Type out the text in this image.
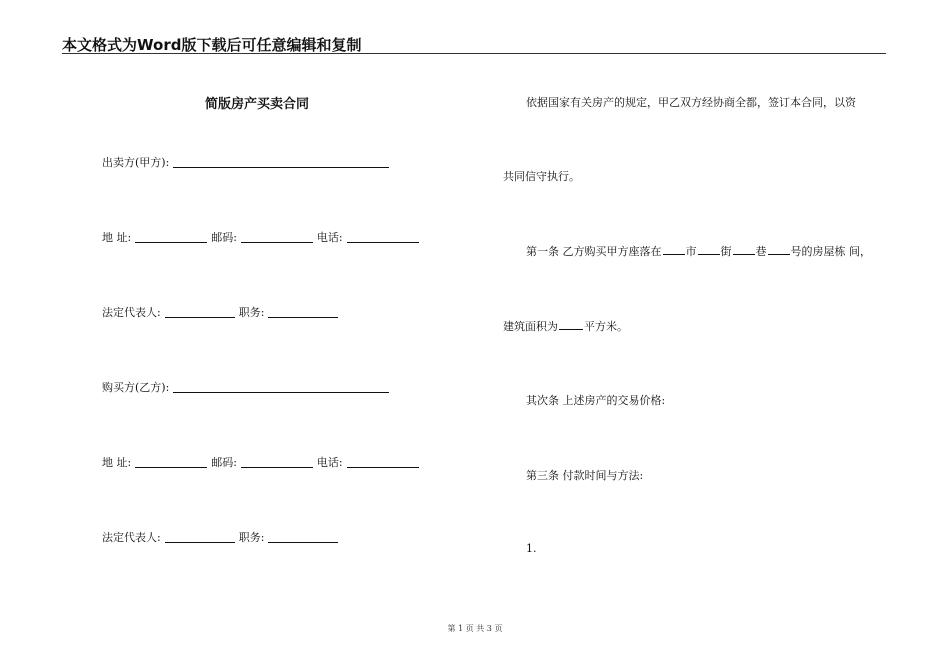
本文格式为Word版下载后可任意编辑和复制
简版房产买卖合同
出卖方(甲方):
地 址:	邮码:	电话:
法定代表人:	职务:
购买方(乙方):
地 址:	邮码:	电话:
法定代表人:	职务:
依据国家有关房产的规定，甲乙双方经协商全都，签订本合同，以资
共同信守执行。
第一条 乙方购买甲方座落在 市 街 巷 号的房屋栋 间，
建筑面积为 平方米。
其次条 上述房产的交易价格:
第三条 付款时间与方法:
1.
第 1 页 共 3 页
